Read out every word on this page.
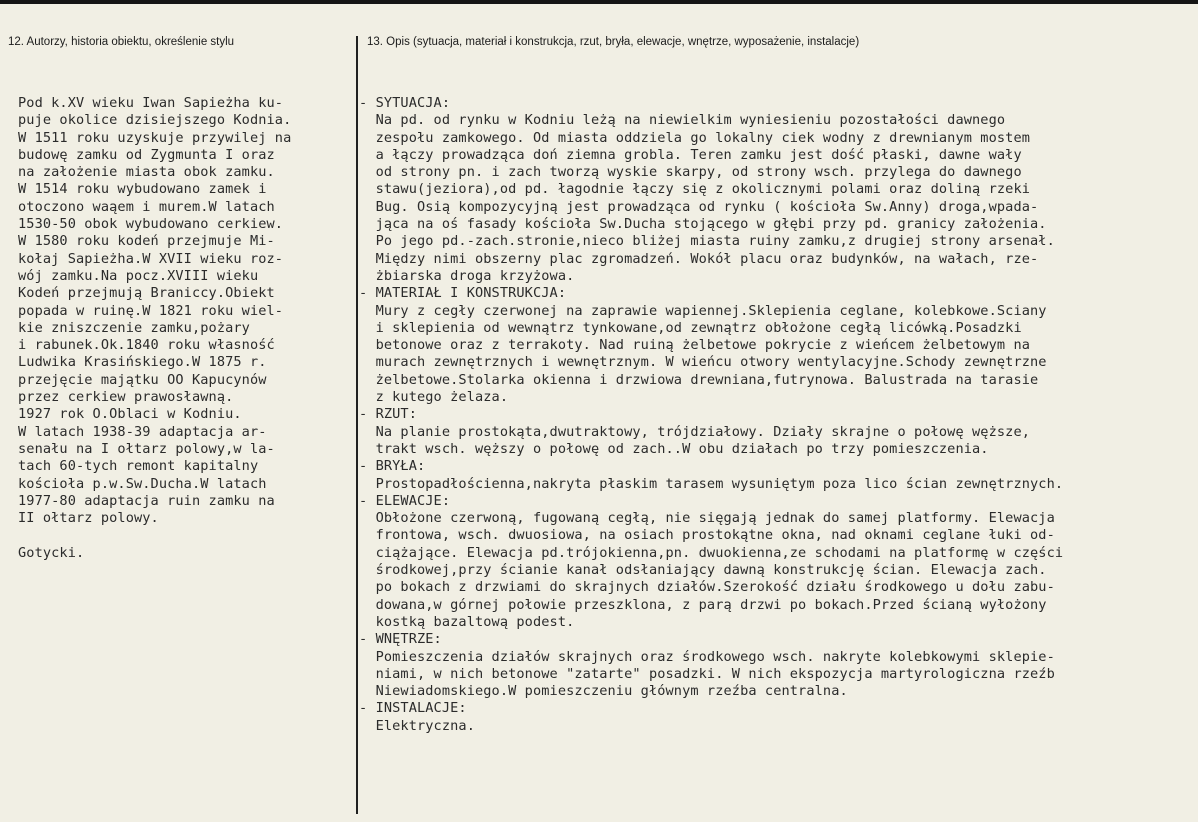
12. Autorzy, historia obiektu, określenie stylu	13. Opis (sytuacja, materiał i konstrukcja, rzut, bryła, elewacje, wnętrze, wyposażenie, instalacje)
Pod k.XV wieku Iwan Sapieżha ku-
puje okolice dzisiejszego Kodnia.
W 1511 roku uzyskuje przywilej na
budowę zamku od Zygmunta I oraz
na założenie miasta obok zamku.
W 1514 roku wybudowano zamek i
otoczono waąem i murem.W latach
1530-50 obok wybudowano cerkiew.
W 1580 roku kodeń przejmuje Mi-
kołaj Sapieżha.W XVII wieku roz-
wój zamku.Na pocz.XVIII wieku
Kodeń przejmują Braniccy.Obiekt
popada w ruinę.W 1821 roku wiel-
kie zniszczenie zamku,pożary
i rabunek.Ok.1840 roku własność
Ludwika Krasińskiego.W 1875 r.
przejęcie majątku OO Kapucynów
przez cerkiew prawosławną.
1927 rok O.Oblaci w Kodniu.
W latach 1938-39 adaptacja ar-
senału na I ołtarz polowy,w la-
tach 60-tych remont kapitalny
kościoła p.w.Sw.Ducha.W latach
1977-80 adaptacja ruin zamku na
II ołtarz polowy.
Gotycki.
- SYTUACJA:
Na pd. od rynku w Kodniu leżą na niewielkim wyniesieniu pozostałości dawnego
zespołu zamkowego. Od miasta oddziela go lokalny ciek wodny z drewnianym mostem
a łączy prowadząca doń ziemna grobla. Teren zamku jest dość płaski, dawne wały
od strony pn. i zach tworzą wyskie skarpy, od strony wsch. przylega do dawnego
stawu(jeziora),od pd. łagodnie łączy się z okolicznymi polami oraz doliną rzeki
Bug. Osią kompozycyjną jest prowadząca od rynku ( kościoła Sw.Anny) droga,wpada-
jąca na oś fasady kościoła Sw.Ducha stojącego w głębi przy pd. granicy założenia.
Po jego pd.-zach.stronie,nieco bliżej miasta ruiny zamku,z drugiej strony arsenał.
Między nimi obszerny plac zgromadzeń. Wokół placu oraz budynków, na wałach, rze-
żbiarska droga krzyżowa.
- MATERIAŁ I KONSTRUKCJA:
Mury z cegły czerwonej na zaprawie wapiennej.Sklepienia ceglane, kolebkowe.Sciany
i sklepienia od wewnątrz tynkowane,od zewnątrz obłożone cegłą licówką.Posadzki
betonowe oraz z terrakoty. Nad ruiną żelbetowe pokrycie z wieńcem żelbetowym na
murach zewnętrznych i wewnętrznym. W wieńcu otwory wentylacyjne.Schody zewnętrzne
żelbetowe.Stolarka okienna i drzwiowa drewniana,futrynowa. Balustrada na tarasie
z kutego żelaza.
- RZUT:
Na planie prostokąta,dwutraktowy, trójdziałowy. Działy skrajne o połowę węższe,
trakt wsch. węższy o połowę od zach..W obu działach po trzy pomieszczenia.
- BRYŁA:
Prostopadłościenna,nakryta płaskim tarasem wysuniętym poza lico ścian zewnętrznych.
- ELEWACJE:
Obłożone czerwoną, fugowaną cegłą, nie sięgają jednak do samej platformy. Elewacja
frontowa, wsch. dwuosiowa, na osiach prostokątne okna, nad oknami ceglane łuki od-
ciążające. Elewacja pd.trójokienna,pn. dwuokienna,ze schodami na platformę w części
środkowej,przy ścianie kanał odsłaniający dawną konstrukcję ścian. Elewacja zach.
po bokach z drzwiami do skrajnych działów.Szerokość działu środkowego u dołu zabu-
dowana,w górnej połowie przeszklona, z parą drzwi po bokach.Przed ścianą wyłożony
kostką bazaltową podest.
- WNĘTRZE:
Pomieszczenia działów skrajnych oraz środkowego wsch. nakryte kolebkowymi sklepie-
niami, w nich betonowe "zatarte" posadzki. W nich ekspozycja martyrologiczna rzeźb
Niewiadomskiego.W pomieszczeniu głównym rzeźba centralna.
- INSTALACJE:
Elektryczna.
